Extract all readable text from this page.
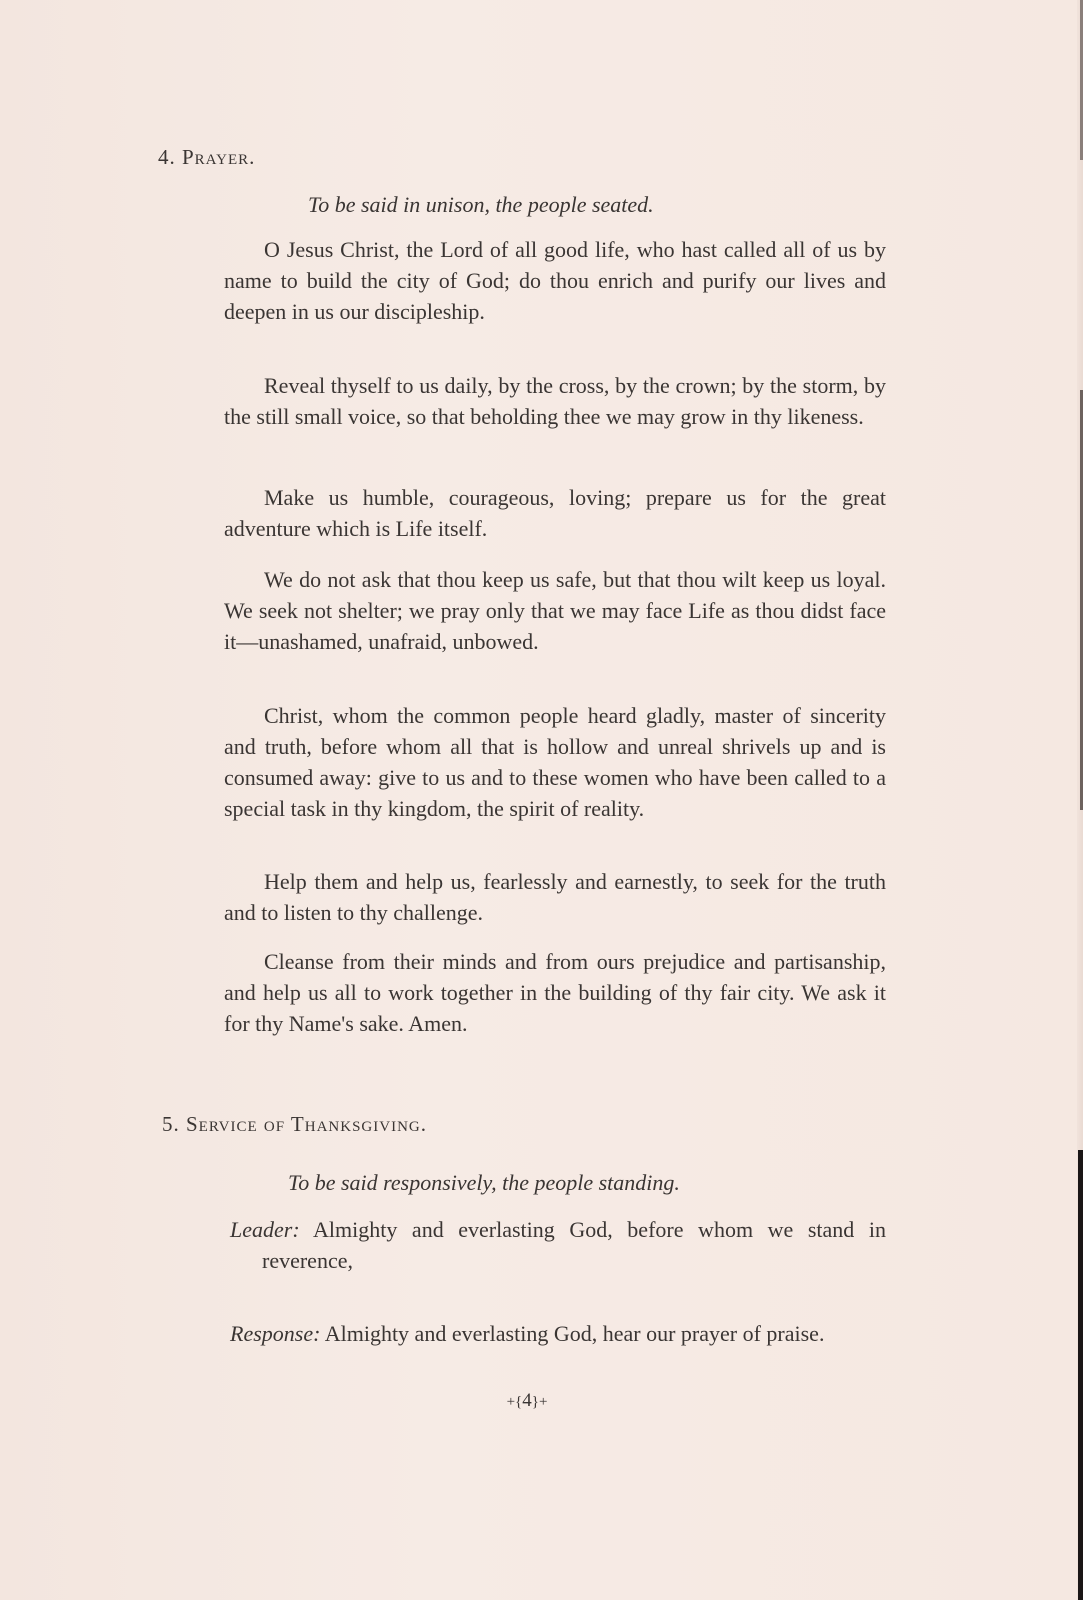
4. Prayer.
To be said in unison, the people seated.

O Jesus Christ, the Lord of all good life, who hast called all of us by name to build the city of God; do thou enrich and purify our lives and deepen in us our discipleship.

Reveal thyself to us daily, by the cross, by the crown; by the storm, by the still small voice, so that beholding thee we may grow in thy likeness.

Make us humble, courageous, loving; prepare us for the great adventure which is Life itself.

We do not ask that thou keep us safe, but that thou wilt keep us loyal. We seek not shelter; we pray only that we may face Life as thou didst face it—unashamed, unafraid, unbowed.

Christ, whom the common people heard gladly, master of sincerity and truth, before whom all that is hollow and unreal shrivels up and is consumed away: give to us and to these women who have been called to a special task in thy kingdom, the spirit of reality.

Help them and help us, fearlessly and earnestly, to seek for the truth and to listen to thy challenge.

Cleanse from their minds and from ours prejudice and partisanship, and help us all to work together in the building of thy fair city. We ask it for thy Name's sake. Amen.

5. Service of Thanksgiving.
To be said responsively, the people standing.

Leader: Almighty and everlasting God, before whom we stand in reverence,

Response: Almighty and everlasting God, hear our prayer of praise.

+{4}+
